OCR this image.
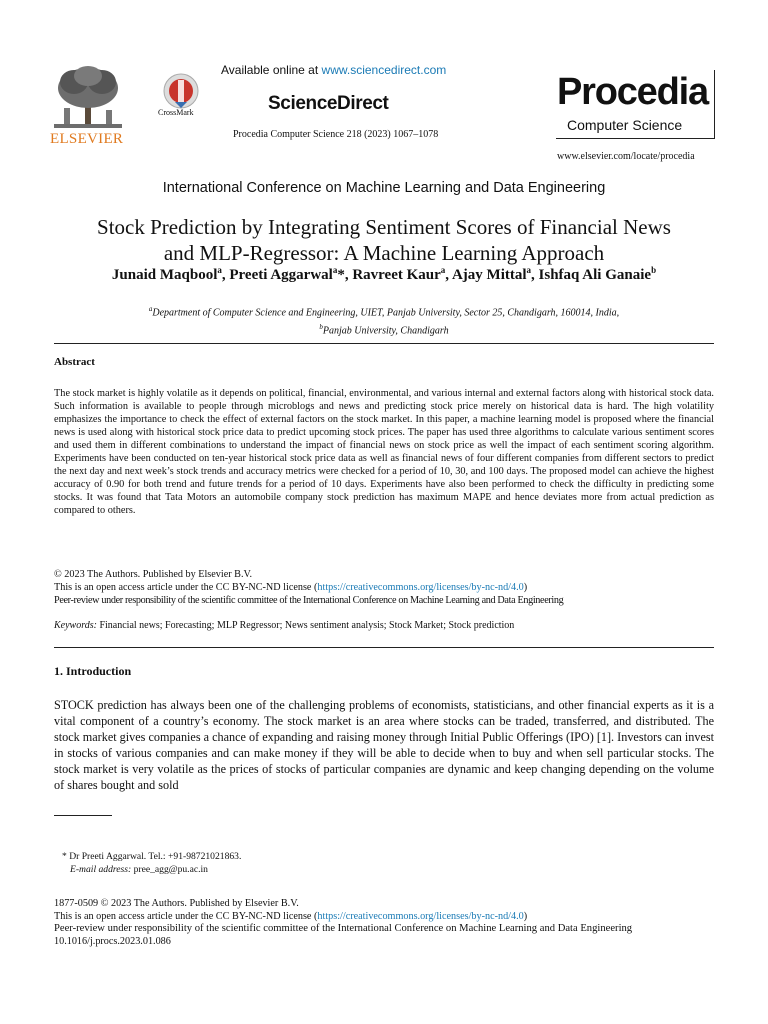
ELSEVIER
CrossMark
Available online at www.sciencedirect.com
ScienceDirect
Procedia Computer Science 218 (2023) 1067–1078
Procedia
Computer Science
www.elsevier.com/locate/procedia
International Conference on Machine Learning and Data Engineering
Stock Prediction by Integrating Sentiment Scores of Financial News
and MLP-Regressor: A Machine Learning Approach
Junaid Maqbool$^a$, Preeti Aggarwal$^a$*, Ravreet Kaur$^a$, Ajay Mittal$^a$, Ishfaq Ali Ganaie$^b$
$^a$Department of Computer Science and Engineering, UIET, Panjab University, Sector 25, Chandigarh, 160014, India,
$^b$Panjab University, Chandigarh
Abstract
The stock market is highly volatile as it depends on political, financial, environmental, and various internal and external factors along with historical stock data. Such information is available to people through microblogs and news and predicting stock price merely on historical data is hard. The high volatility emphasizes the importance to check the effect of external factors on the stock market. In this paper, a machine learning model is proposed where the financial news is used along with historical stock price data to predict upcoming stock prices. The paper has used three algorithms to calculate various sentiment scores and used them in different combinations to understand the impact of financial news on stock price as well the impact of each sentiment scoring algorithm. Experiments have been conducted on ten-year historical stock price data as well as financial news of four different companies from different sectors to predict the next day and next week’s stock trends and accuracy metrics were checked for a period of 10, 30, and 100 days. The proposed model can achieve the highest accuracy of 0.90 for both trend and future trends for a period of 10 days. Experiments have also been performed to check the difficulty in predicting some stocks. It was found that Tata Motors an automobile company stock prediction has maximum MAPE and hence deviates more from actual prediction as compared to others.
© 2023 The Authors. Published by Elsevier B.V.
This is an open access article under the CC BY-NC-ND license (https://creativecommons.org/licenses/by-nc-nd/4.0)
Peer-review under responsibility of the scientific committee of the International Conference on Machine Learning and Data Engineering
Keywords: Financial news; Forecasting; MLP Regressor; News sentiment analysis; Stock Market; Stock prediction
1. Introduction
STOCK prediction has always been one of the challenging problems of economists, statisticians, and other financial experts as it is a vital component of a country’s economy. The stock market is an area where stocks can be traded, transferred, and distributed. The stock market gives companies a chance of expanding and raising money through Initial Public Offerings (IPO) [1]. Investors can invest in stocks of various companies and can make money if they will be able to decide when to buy and when sell particular stocks. The stock market is very volatile as the prices of stocks of particular companies are dynamic and keep changing depending on the volume of shares bought and sold
* Dr Preeti Aggarwal. Tel.: +91-98721021863.
E-mail address: pree_agg@pu.ac.in
1877-0509 © 2023 The Authors. Published by Elsevier B.V.
This is an open access article under the CC BY-NC-ND license (https://creativecommons.org/licenses/by-nc-nd/4.0)
Peer-review under responsibility of the scientific committee of the International Conference on Machine Learning and Data Engineering
10.1016/j.procs.2023.01.086
